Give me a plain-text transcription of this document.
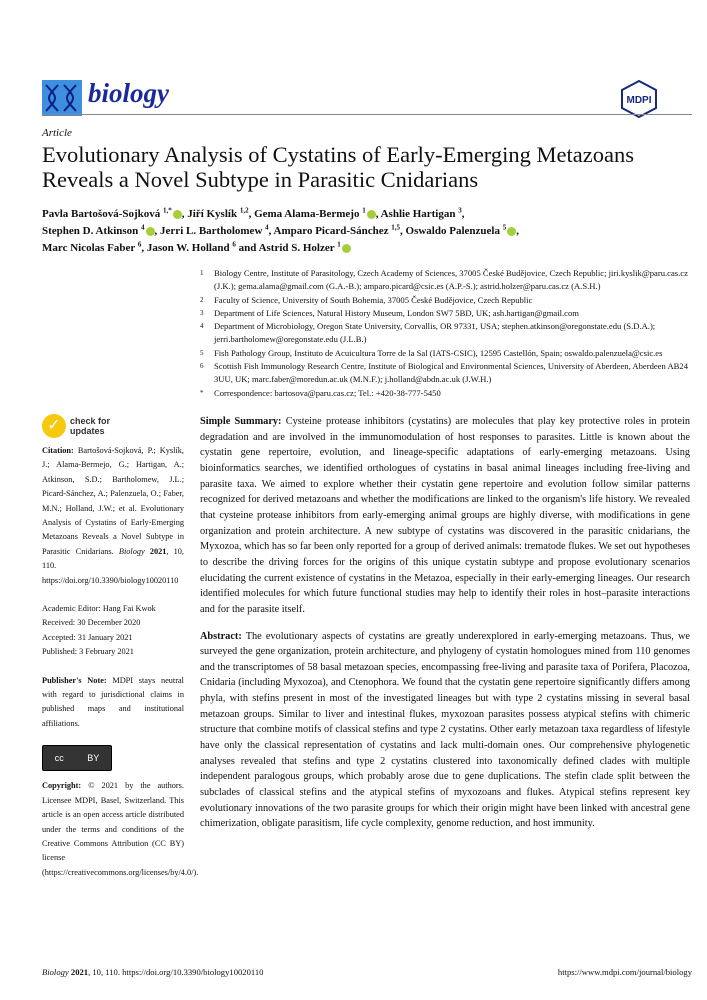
biology	MDPI
Article
Evolutionary Analysis of Cystatins of Early-Emerging Metazoans Reveals a Novel Subtype in Parasitic Cnidarians
Pavla Bartošová-Sojková $^{1,*}$ , Jiří Kyslík $^{1,2}$, Gema Alama-Bermejo $^1$ , Ashlie Hartigan $^3$,
Stephen D. Atkinson $^4$ , Jerri L. Bartholomew $^4$, Amparo Picard-Sánchez $^{1,5}$, Oswaldo Palenzuela $^5$ ,
Marc Nicolas Faber $^6$, Jason W. Holland $^6$ and Astrid S. Holzer $^1$
1	Biology Centre, Institute of Parasitology, Czech Academy of Sciences, 37005 České Budějovice, Czech Republic; jiri.kyslik@paru.cas.cz (J.K.); gema.alama@gmail.com (G.A.-B.); amparo.picard@csic.es (A.P.-S.); astrid.holzer@paru.cas.cz (A.S.H.)
2	Faculty of Science, University of South Bohemia, 37005 České Budějovice, Czech Republic
3	Department of Life Sciences, Natural History Museum, London SW7 5BD, UK; ash.hartigan@gmail.com
4	Department of Microbiology, Oregon State University, Corvallis, OR 97331, USA; stephen.atkinson@oregonstate.edu (S.D.A.); jerri.bartholomew@oregonstate.edu (J.L.B.)
5	Fish Pathology Group, Instituto de Acuicultura Torre de la Sal (IATS-CSIC), 12595 Castellón, Spain; oswaldo.palenzuela@csic.es
6	Scottish Fish Immunology Research Centre, Institute of Biological and Environmental Sciences, University of Aberdeen, Aberdeen AB24 3UU, UK; marc.faber@moredun.ac.uk (M.N.F.); j.holland@abdn.ac.uk (J.W.H.)
*	Correspondence: bartosova@paru.cas.cz; Tel.: +420-38-777-5450
✓	check for
updates
Citation: Bartošová-Sojková, P.; Kyslík, J.; Alama-Bermejo, G.; Hartigan, A.; Atkinson, S.D.; Bartholomew, J.L.; Picard-Sánchez, A.; Palenzuela, O.; Faber, M.N.; Holland, J.W.; et al. Evolutionary Analysis of Cystatins of Early-Emerging Metazoans Reveals a Novel Subtype in Parasitic Cnidarians. Biology 2021, 10, 110. https://doi.org/10.3390/biology10020110
Academic Editor: Hang Fai Kwok
Received: 30 December 2020
Accepted: 31 January 2021
Published: 3 February 2021
Publisher's Note: MDPI stays neutral with regard to jurisdictional claims in published maps and institutional affiliations.
cc	BY
Copyright: © 2021 by the authors. Licensee MDPI, Basel, Switzerland. This article is an open access article distributed under the terms and conditions of the Creative Commons Attribution (CC BY) license (https://creativecommons.org/licenses/by/4.0/).

Simple Summary: Cysteine protease inhibitors (cystatins) are molecules that play key protective roles in protein degradation and are involved in the immunomodulation of host responses to parasites. Little is known about the cystatin gene repertoire, evolution, and lineage-specific adaptations of early-emerging metazoans. Using bioinformatics searches, we identified orthologues of cystatins in basal animal lineages including free-living and parasite taxa. We aimed to explore whether their cystatin gene repertoire and evolution follow similar patterns recognized for derived metazoans and whether the modifications are linked to the organism's life history. We revealed that cysteine protease inhibitors from early-emerging animal groups are highly diverse, with modifications in gene organization and protein architecture. A new subtype of cystatins was discovered in the parasitic cnidarians, the Myxozoa, which has so far been only reported for a group of derived animals: trematode flukes. We set out hypotheses to describe the driving forces for the origins of this unique cystatin subtype and propose evolutionary scenarios elucidating the current existence of cystatins in the Metazoa, especially in their early-emerging lineages. Our research identified molecules for which future functional studies may help to identify their roles in host–parasite interactions and for the parasite itself.

Abstract: The evolutionary aspects of cystatins are greatly underexplored in early-emerging metazoans. Thus, we surveyed the gene organization, protein architecture, and phylogeny of cystatin homologues mined from 110 genomes and the transcriptomes of 58 basal metazoan species, encompassing free-living and parasite taxa of Porifera, Placozoa, Cnidaria (including Myxozoa), and Ctenophora. We found that the cystatin gene repertoire significantly differs among phyla, with stefins present in most of the investigated lineages but with type 2 cystatins missing in several basal metazoan groups. Similar to liver and intestinal flukes, myxozoan parasites possess atypical stefins with chimeric structure that combine motifs of classical stefins and type 2 cystatins. Other early metazoan taxa regardless of lifestyle have only the classical representation of cystatins and lack multi-domain ones. Our comprehensive phylogenetic analyses revealed that stefins and type 2 cystatins clustered into taxonomically defined clades with multiple independent paralogous groups, which probably arose due to gene duplications. The stefin clade split between the subclades of classical stefins and the atypical stefins of myxozoans and flukes. Atypical stefins represent key evolutionary innovations of the two parasite groups for which their origin might have been linked with ancestral gene chimerization, obligate parasitism, life cycle complexity, genome reduction, and host immunity.

Biology 2021, 10, 110. https://doi.org/10.3390/biology10020110	https://www.mdpi.com/journal/biology
